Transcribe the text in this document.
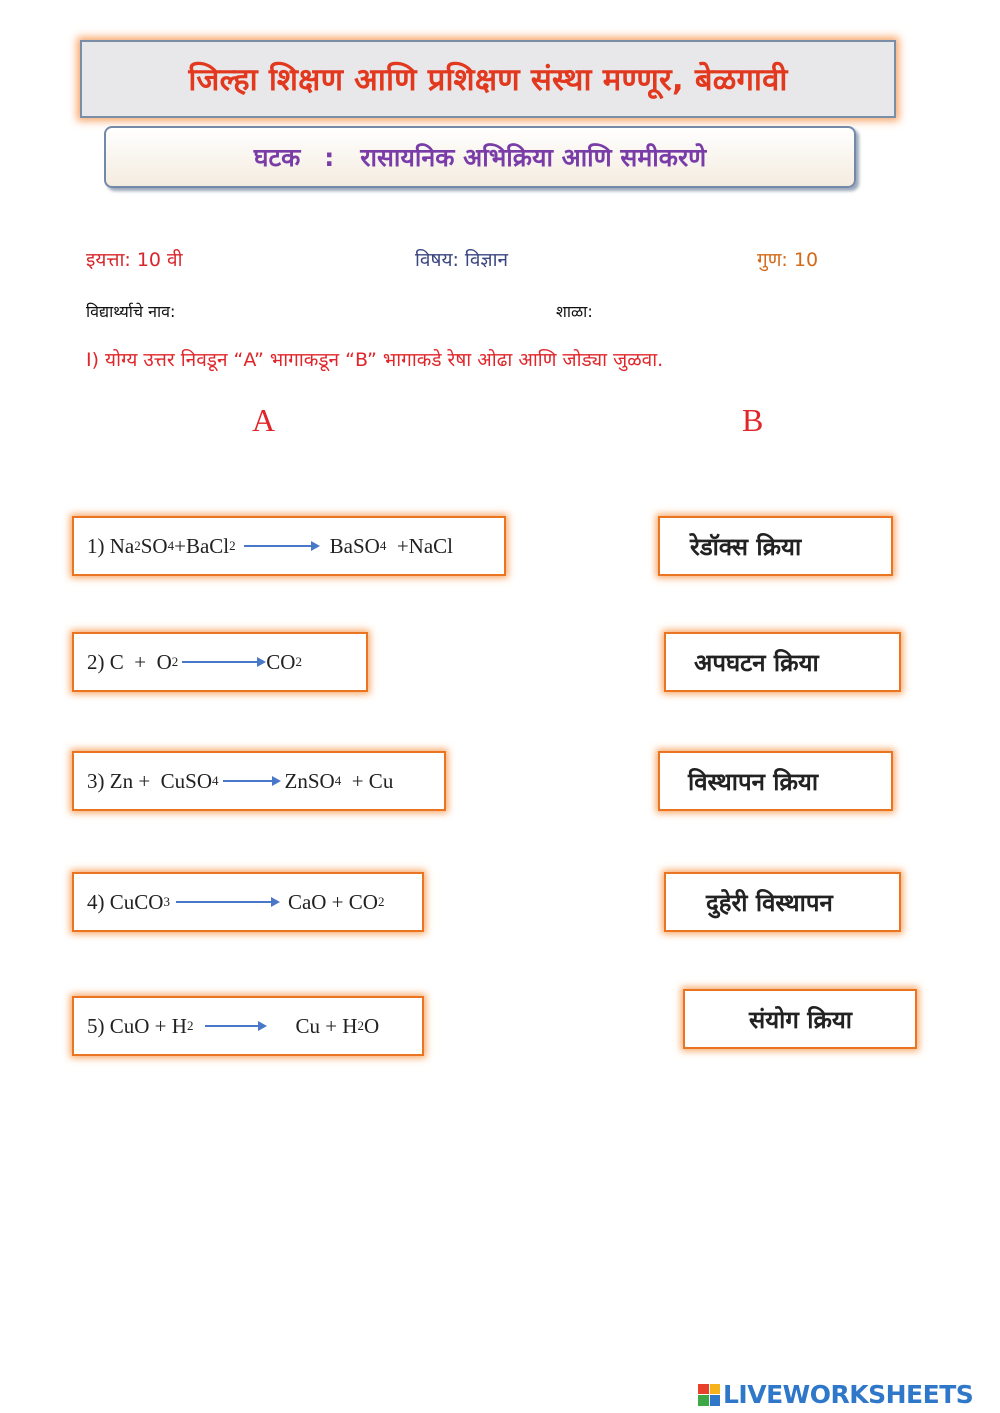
जिल्हा शिक्षण आणि प्रशिक्षण संस्था मण्णूर, बेळगावी
घटक : रासायनिक अभिक्रिया आणि समीकरणे
इयत्ता: 10 वी	विषय: विज्ञान	गुण: 10
विद्यार्थ्याचे नाव:	शाळा:
I) योग्य उत्तर निवडून “A” भागाकडून “B” भागाकडे रेषा ओढा आणि जोड्या जुळवा.
A	B
1)
Na 2 SO 4 +BaCl 2 → BaSO 4 +NaCl
2)
C  +  O 2 → CO 2
3)
Zn +  CuSO 4 → ZnSO 4 + Cu
4)
CuCO 3	CaO + CO 2
5)
CuO + H 2 → Cu + H 2 O
रेडॉक्स क्रिया
अपघटन क्रिया
विस्थापन क्रिया
दुहेरी विस्थापन
संयोग क्रिया
LIVEWORKSHEETS
